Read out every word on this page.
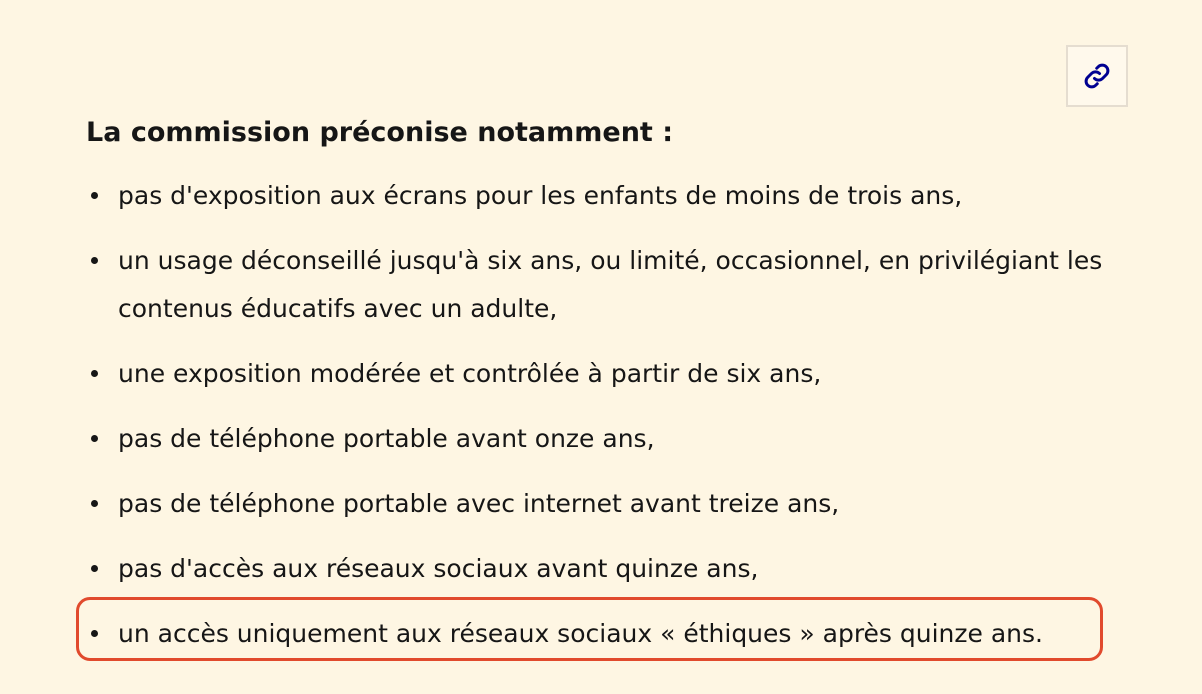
La commission préconise notamment :
pas d'exposition aux écrans pour les enfants de moins de trois ans,
un usage déconseillé jusqu'à six ans, ou limité, occasionnel, en privilégiant les contenus éducatifs avec un adulte,
une exposition modérée et contrôlée à partir de six ans,
pas de téléphone portable avant onze ans,
pas de téléphone portable avec internet avant treize ans,
pas d'accès aux réseaux sociaux avant quinze ans,
un accès uniquement aux réseaux sociaux « éthiques » après quinze ans.
